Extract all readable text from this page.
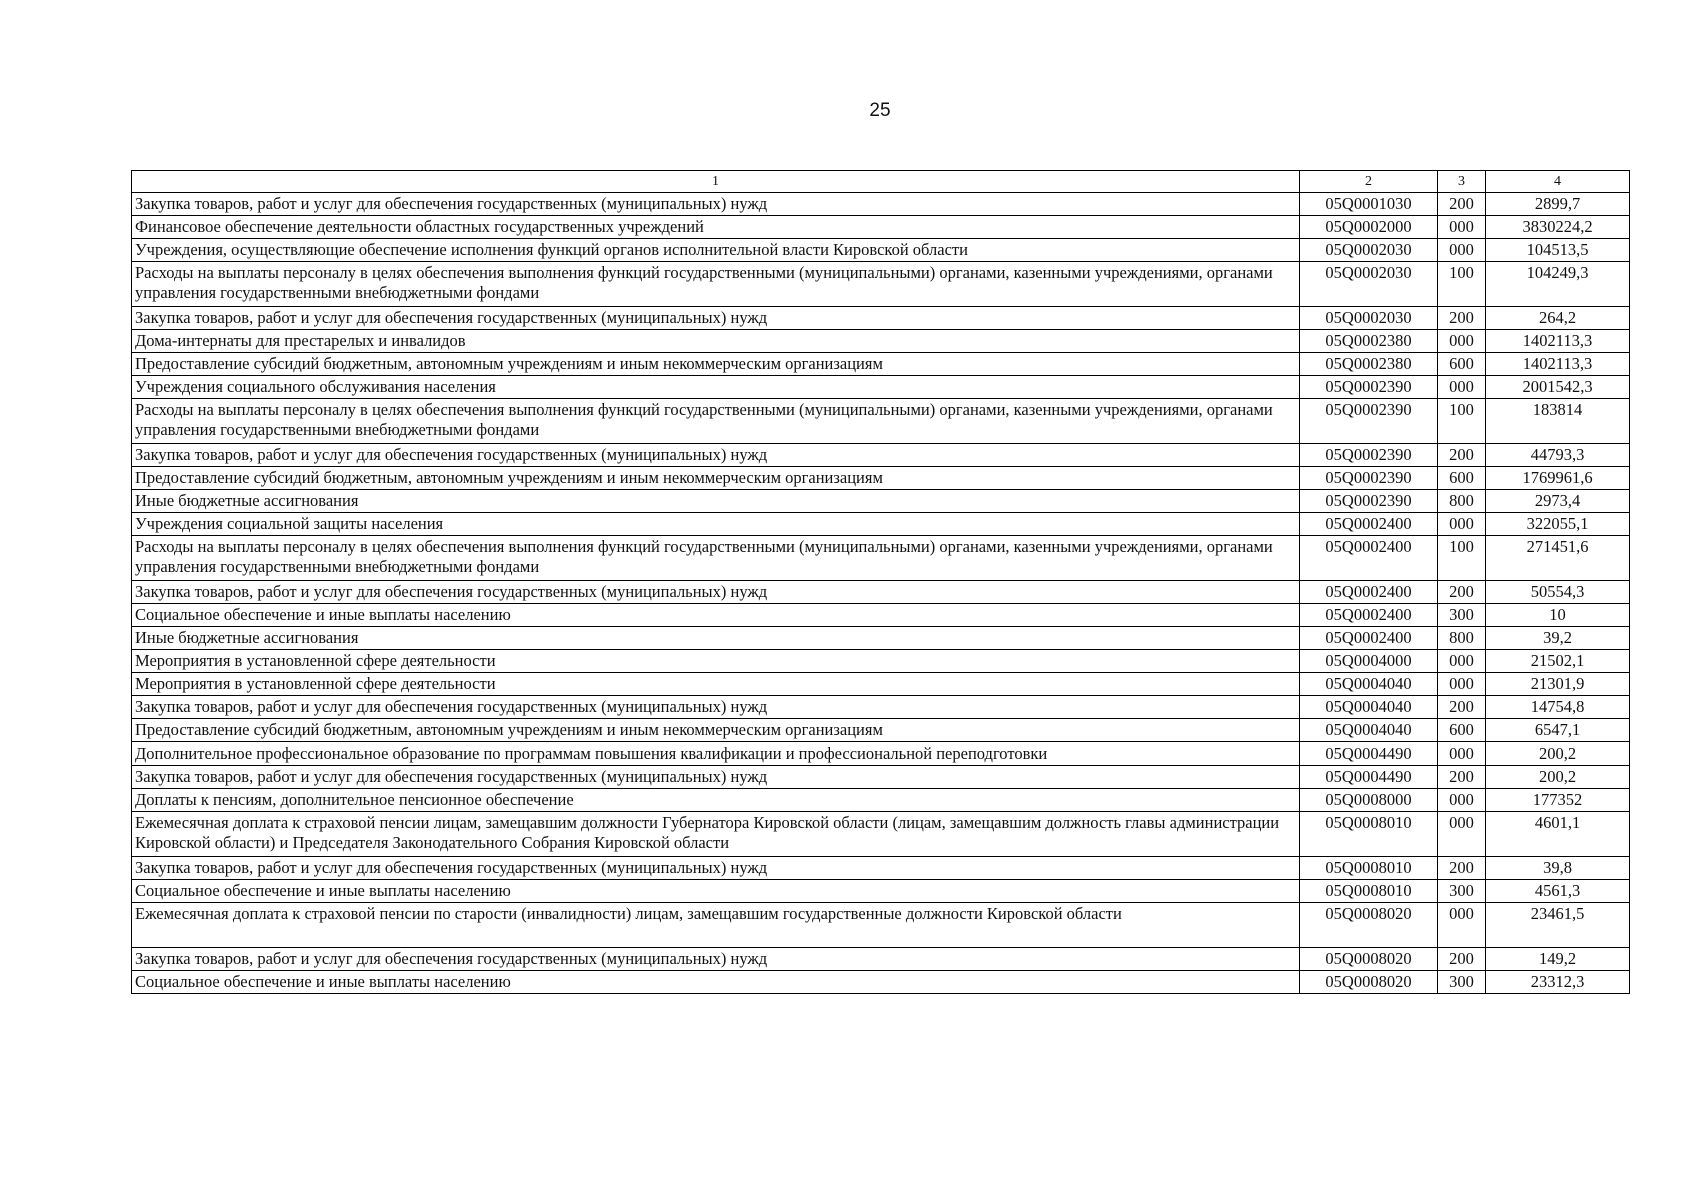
25
1	2	3	4
Закупка товаров, работ и услуг для обеспечения государственных (муниципальных) нужд	05Q0001030	200	2899,7
Финансовое обеспечение деятельности областных государственных учреждений	05Q0002000	000	3830224,2
Учреждения, осуществляющие обеспечение исполнения функций органов исполнительной власти Кировской области	05Q0002030	000	104513,5
Расходы на выплаты персоналу в целях обеспечения выполнения функций государственными (муниципальными) органами, казенными учреждениями, органами управления государственными внебюджетными фондами	05Q0002030	100	104249,3
Закупка товаров, работ и услуг для обеспечения государственных (муниципальных) нужд	05Q0002030	200	264,2
Дома-интернаты для престарелых и инвалидов	05Q0002380	000	1402113,3
Предоставление субсидий бюджетным, автономным учреждениям и иным некоммерческим организациям	05Q0002380	600	1402113,3
Учреждения социального обслуживания населения	05Q0002390	000	2001542,3
Расходы на выплаты персоналу в целях обеспечения выполнения функций государственными (муниципальными) органами, казенными учреждениями, органами управления государственными внебюджетными фондами	05Q0002390	100	183814
Закупка товаров, работ и услуг для обеспечения государственных (муниципальных) нужд	05Q0002390	200	44793,3
Предоставление субсидий бюджетным, автономным учреждениям и иным некоммерческим организациям	05Q0002390	600	1769961,6
Иные бюджетные ассигнования	05Q0002390	800	2973,4
Учреждения социальной защиты населения	05Q0002400	000	322055,1
Расходы на выплаты персоналу в целях обеспечения выполнения функций государственными (муниципальными) органами, казенными учреждениями, органами управления государственными внебюджетными фондами	05Q0002400	100	271451,6
Закупка товаров, работ и услуг для обеспечения государственных (муниципальных) нужд	05Q0002400	200	50554,3
Социальное обеспечение и иные выплаты населению	05Q0002400	300	10
Иные бюджетные ассигнования	05Q0002400	800	39,2
Мероприятия в установленной сфере деятельности	05Q0004000	000	21502,1
Мероприятия в установленной сфере деятельности	05Q0004040	000	21301,9
Закупка товаров, работ и услуг для обеспечения государственных (муниципальных) нужд	05Q0004040	200	14754,8
Предоставление субсидий бюджетным, автономным учреждениям и иным некоммерческим организациям	05Q0004040	600	6547,1
Дополнительное профессиональное образование по программам повышения квалификации и профессиональной переподготовки	05Q0004490	000	200,2
Закупка товаров, работ и услуг для обеспечения государственных (муниципальных) нужд	05Q0004490	200	200,2
Доплаты к пенсиям, дополнительное пенсионное обеспечение	05Q0008000	000	177352
Ежемесячная доплата к страховой пенсии лицам, замещавшим должности Губернатора Кировской области (лицам, замещавшим должность главы администрации Кировской области) и Председателя Законодательного Собрания Кировской области	05Q0008010	000	4601,1
Закупка товаров, работ и услуг для обеспечения государственных (муниципальных) нужд	05Q0008010	200	39,8
Социальное обеспечение и иные выплаты населению	05Q0008010	300	4561,3
Ежемесячная доплата к страховой пенсии по старости (инвалидности) лицам, замещавшим государственные должности Кировской области	05Q0008020	000	23461,5
Закупка товаров, работ и услуг для обеспечения государственных (муниципальных) нужд	05Q0008020	200	149,2
Социальное обеспечение и иные выплаты населению	05Q0008020	300	23312,3
